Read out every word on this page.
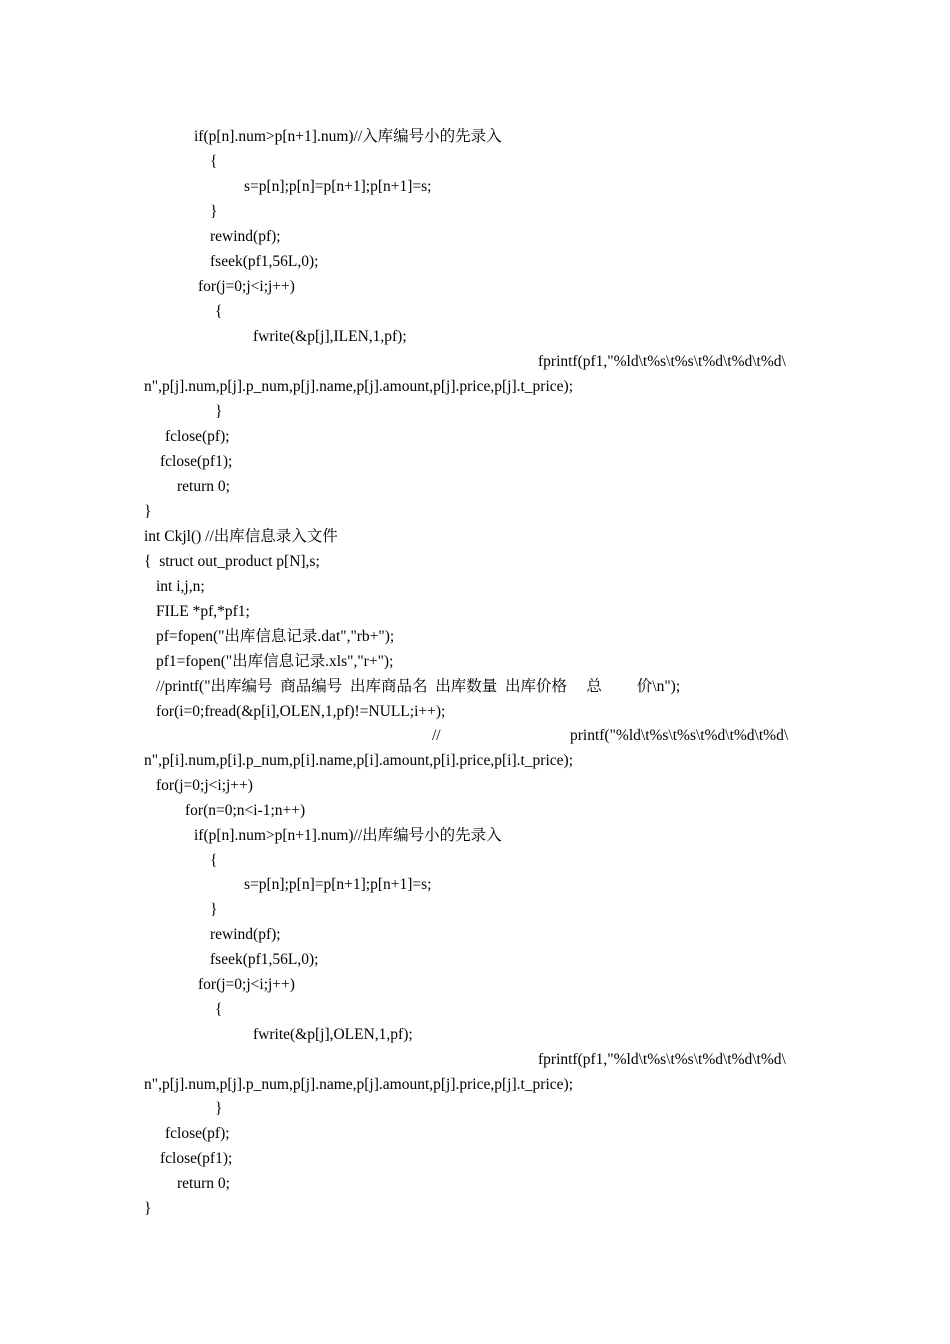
if(p[n].num>p[n+1].num)//入库编号小的先录入
{
s=p[n];p[n]=p[n+1];p[n+1]=s;
}
rewind(pf);
fseek(pf1,56L,0);
for(j=0;j<i;j++)
{
fwrite(&p[j],ILEN,1,pf);
fprintf(pf1,"%ld\t%s\t%s\t%d\t%d\t%d\
n",p[j].num,p[j].p_num,p[j].name,p[j].amount,p[j].price,p[j].t_price);
}
fclose(pf);
fclose(pf1);
return 0;
}
int Ckjl() //出库信息录入文件
{  struct out_product p[N],s;
int i,j,n;
FILE *pf,*pf1;
pf=fopen("出库信息记录.dat","rb+");
pf1=fopen("出库信息记录.xls","r+");
//printf("出库编号  商品编号  出库商品名  出库数量  出库价格     总         价\n");
for(i=0;fread(&p[i],OLEN,1,pf)!=NULL;i++);
//	printf("%ld\t%s\t%s\t%d\t%d\t%d\
n",p[i].num,p[i].p_num,p[i].name,p[i].amount,p[i].price,p[i].t_price);
for(j=0;j<i;j++)
for(n=0;n<i-1;n++)
if(p[n].num>p[n+1].num)//出库编号小的先录入
{
s=p[n];p[n]=p[n+1];p[n+1]=s;
}
rewind(pf);
fseek(pf1,56L,0);
for(j=0;j<i;j++)
{
fwrite(&p[j],OLEN,1,pf);
fprintf(pf1,"%ld\t%s\t%s\t%d\t%d\t%d\
n",p[j].num,p[j].p_num,p[j].name,p[j].amount,p[j].price,p[j].t_price);
}
fclose(pf);
fclose(pf1);
return 0;
}
